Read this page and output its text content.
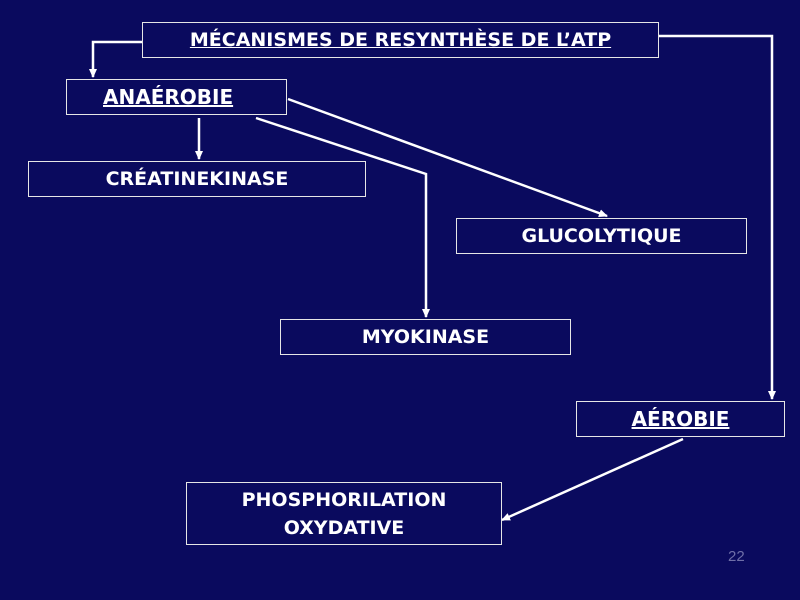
MÉCANISMES DE RESYNTHÈSE DE L’ATP
ANAÉROBIE
CRÉATINEKINASE
GLUCOLYTIQUE
MYOKINASE
AÉROBIE
PHOSPHORILATION
OXYDATIVE
22
